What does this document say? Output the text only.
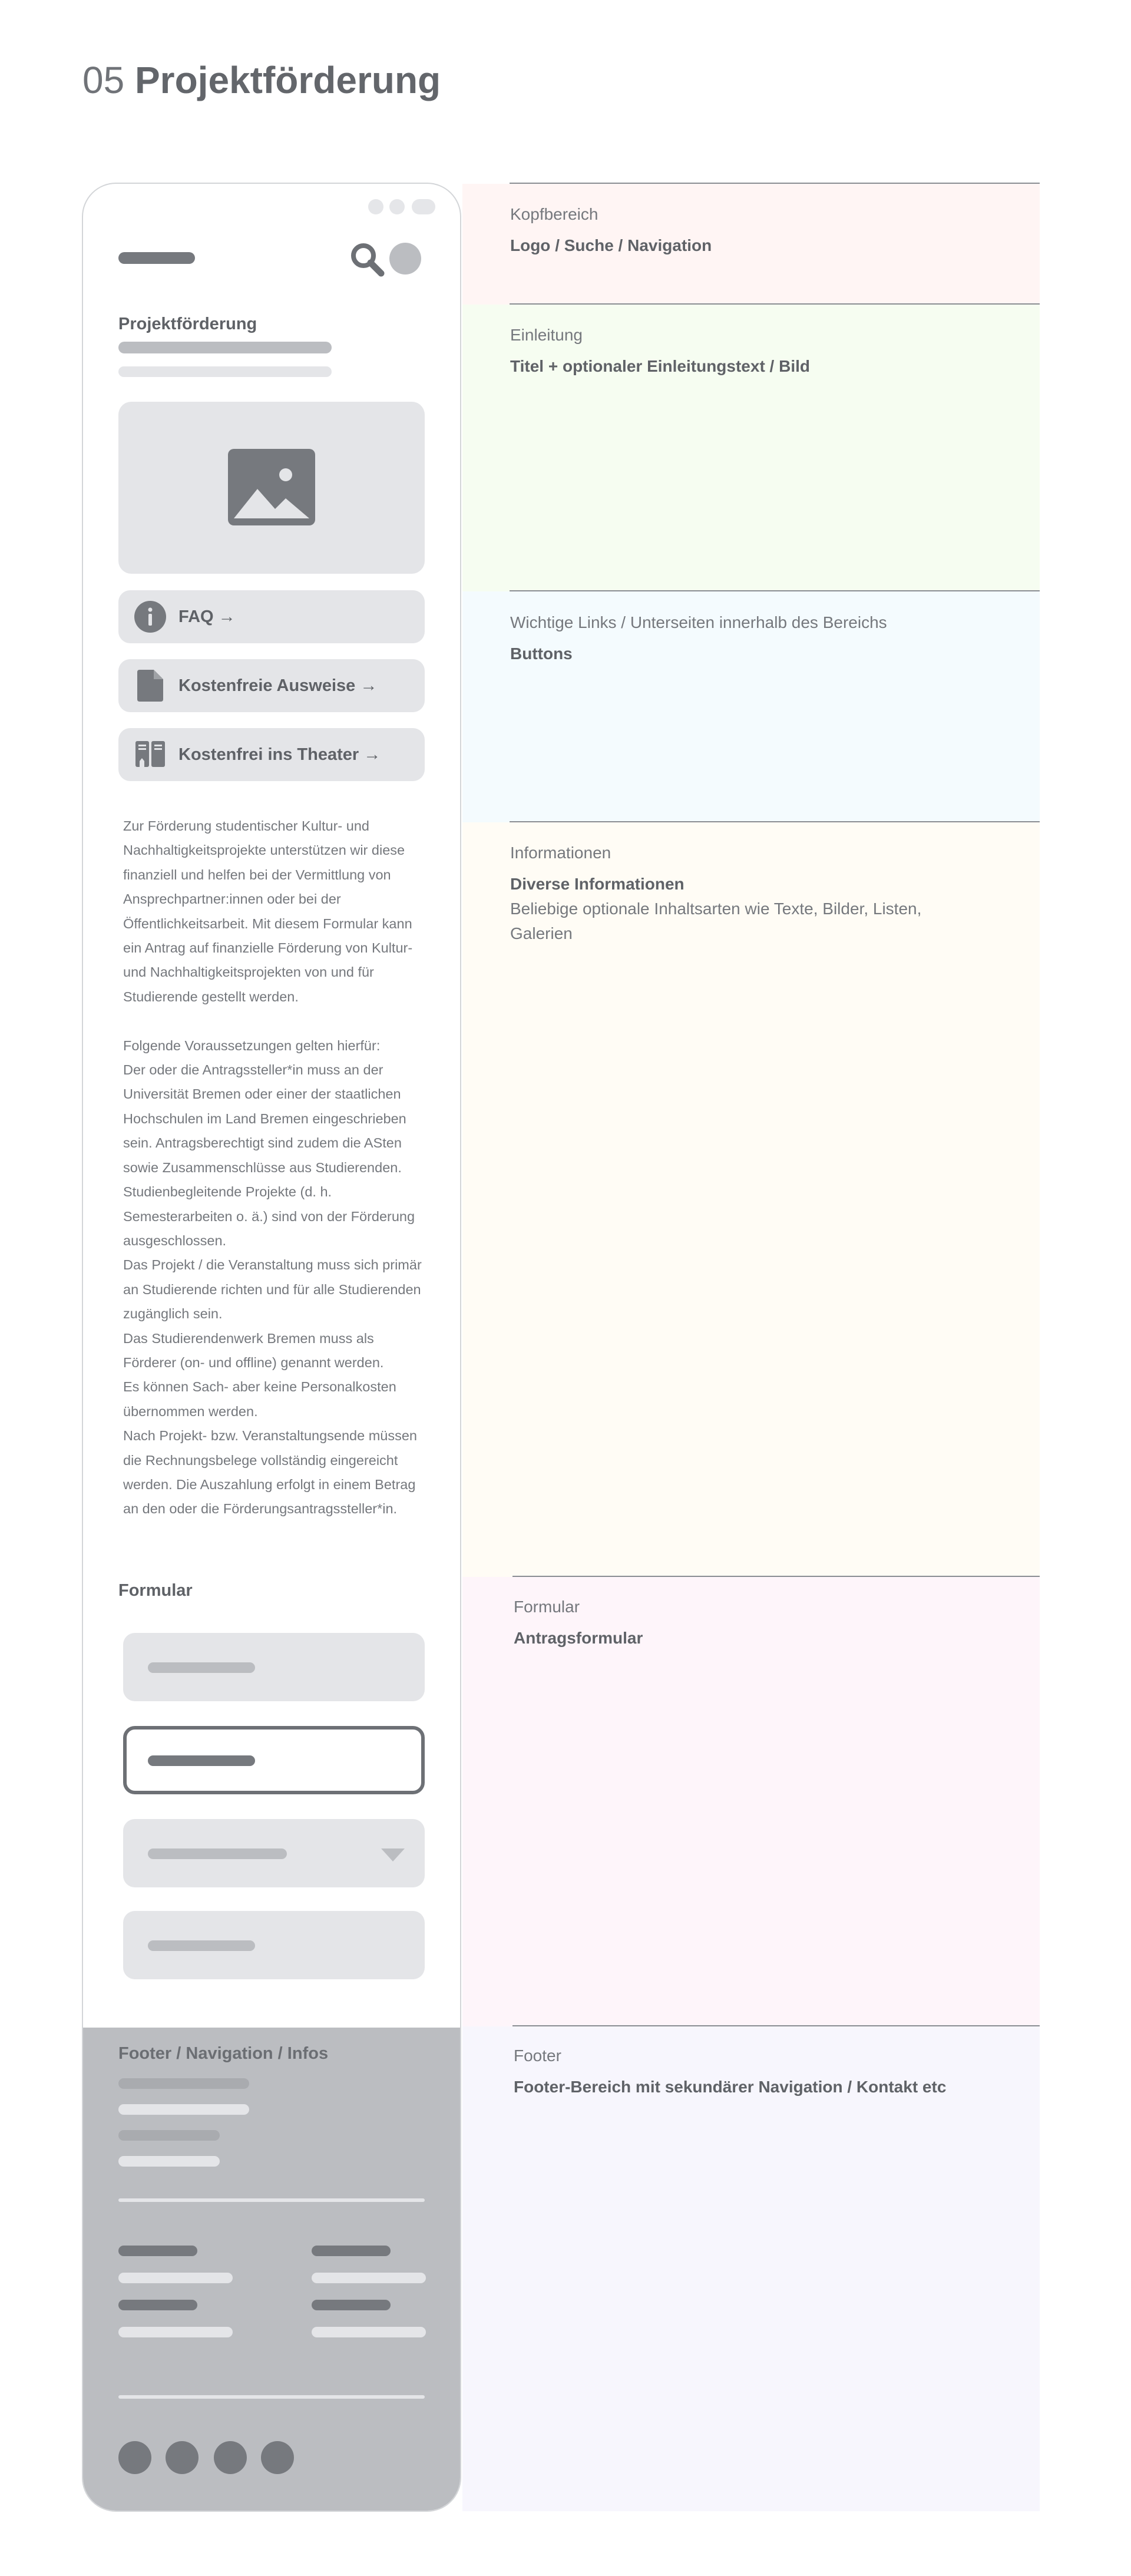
05 Projektförderung
Kopfbereich
Logo / Suche / Navigation
Einleitung
Titel + optionaler Einleitungstext / Bild
Wichtige Links / Unterseiten innerhalb des Bereichs
Buttons
Informationen
Diverse Informationen
Beliebige optionale Inhaltsarten wie Texte, Bilder, Listen, Galerien
Formular
Antragsformular
Footer
Footer-Bereich mit sekundärer Navigation / Kontakt etc
Projektförderung
FAQ →
Kostenfreie Ausweise →
Kostenfrei ins Theater →
Zur Förderung studentischer Kultur- und Nachhaltigkeitsprojekte unterstützen wir diese finanziell und helfen bei der Vermittlung von Ansprechpartner:innen oder bei der Öffentlichkeitsarbeit. Mit diesem Formular kann ein Antrag auf finanzielle Förderung von Kultur- und Nachhaltigkeitsprojekten von und für Studierende gestellt werden.

Folgende Voraussetzungen gelten hierfür:
Der oder die Antragssteller*in muss an der Universität Bremen oder einer der staatlichen Hochschulen im Land Bremen eingeschrieben sein. Antragsberechtigt sind zudem die ASten sowie Zusammenschlüsse aus Studierenden. Studienbegleitende Projekte (d. h. Semesterarbeiten o. ä.) sind von der Förderung ausgeschlossen.
Das Projekt / die Veranstaltung muss sich primär an Studierende richten und für alle Studierenden zugänglich sein.
Das Studierendenwerk Bremen muss als Förderer (on- und offline) genannt werden.
Es können Sach- aber keine Personalkosten übernommen werden.
Nach Projekt- bzw. Veranstaltungsende müssen die Rechnungsbelege vollständig eingereicht werden. Die Auszahlung erfolgt in einem Betrag an den oder die Förderungsantragssteller*in.
Formular
Footer / Navigation / Infos
